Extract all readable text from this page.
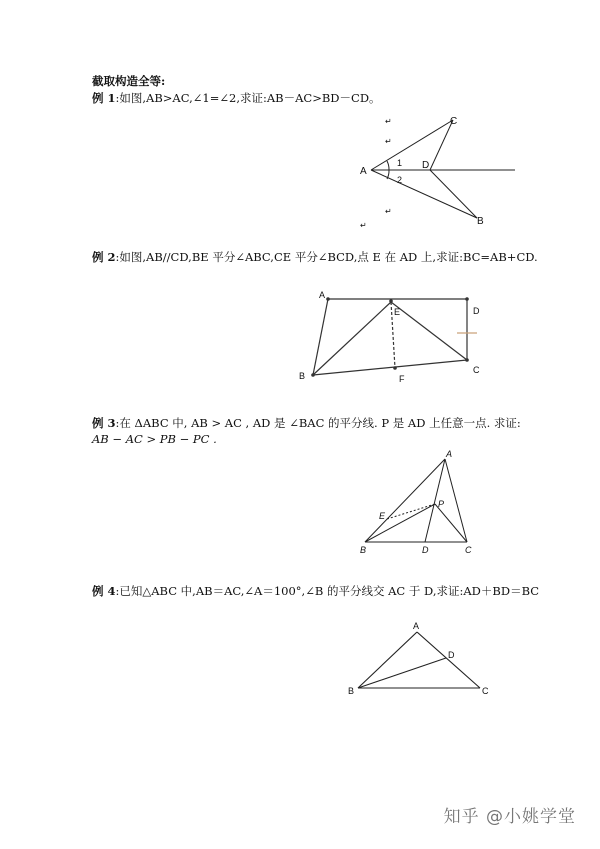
截取构造全等:
例 1:如图,AB>AC,∠1=∠2,求证:AB－AC>BD－CD。
A
C
D
B
1
2
↵
↵
↵
↵
例 2:如图,AB//CD,BE 平分∠ABC,CE 平分∠BCD,点 E 在 AD 上,求证:BC=AB+CD.
A
E	D
B	F
C
例 3:在 ΔABC 中, AB > AC , AD 是 ∠BAC 的平分线. P 是 AD 上任意一点. 求证:
AB − AC > PB − PC .
A
E
P
B	D	C
例 4:已知△ABC 中,AB＝AC,∠A＝100°,∠B 的平分线交 AC 于 D,求证:AD＋BD＝BC
A
D
B	C
知乎 @小姚学堂
